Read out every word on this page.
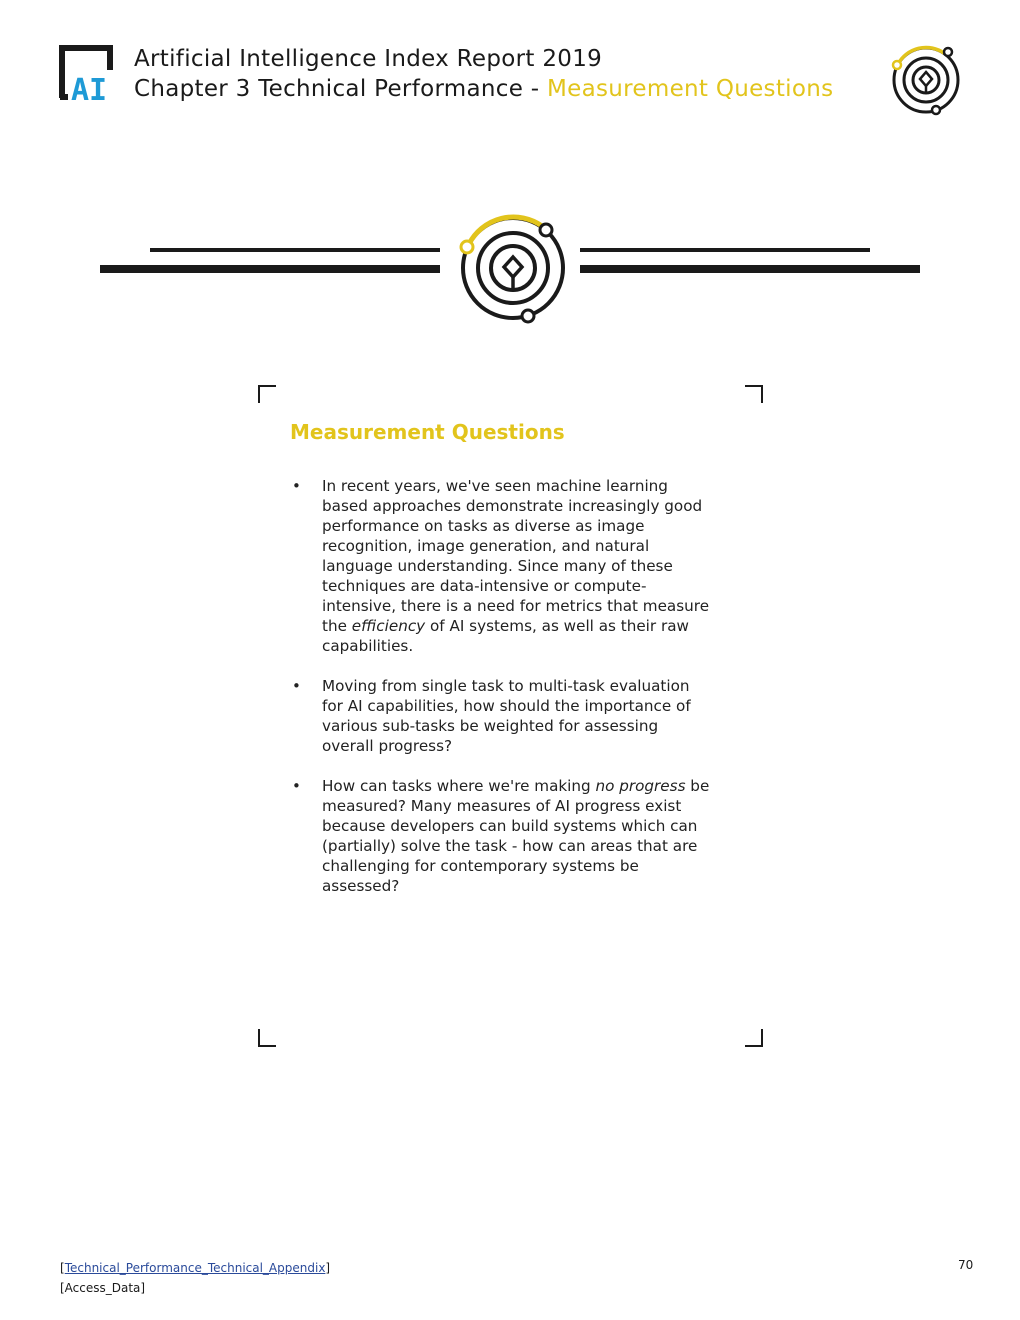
AI
Artificial Intelligence Index Report 2019
Chapter 3 Technical Performance - Measurement Questions
Measurement Questions
• In recent years, we've seen machine learning based approaches demonstrate increasingly good performance on tasks as diverse as image recognition, image generation, and natural language understanding. Since many of these techniques are data-intensive or compute-intensive, there is a need for metrics that measure the efficiency of AI systems, as well as their raw capabilities.
• Moving from single task to multi-task evaluation for AI capabilities, how should the importance of various sub-tasks be weighted for assessing overall progress?
• How can tasks where we're making no progress be measured? Many measures of AI progress exist because developers can build systems which can (partially) solve the task - how can areas that are challenging for contemporary systems be assessed?
[Technical_Performance_Technical_Appendix]
[Access_Data]
70
